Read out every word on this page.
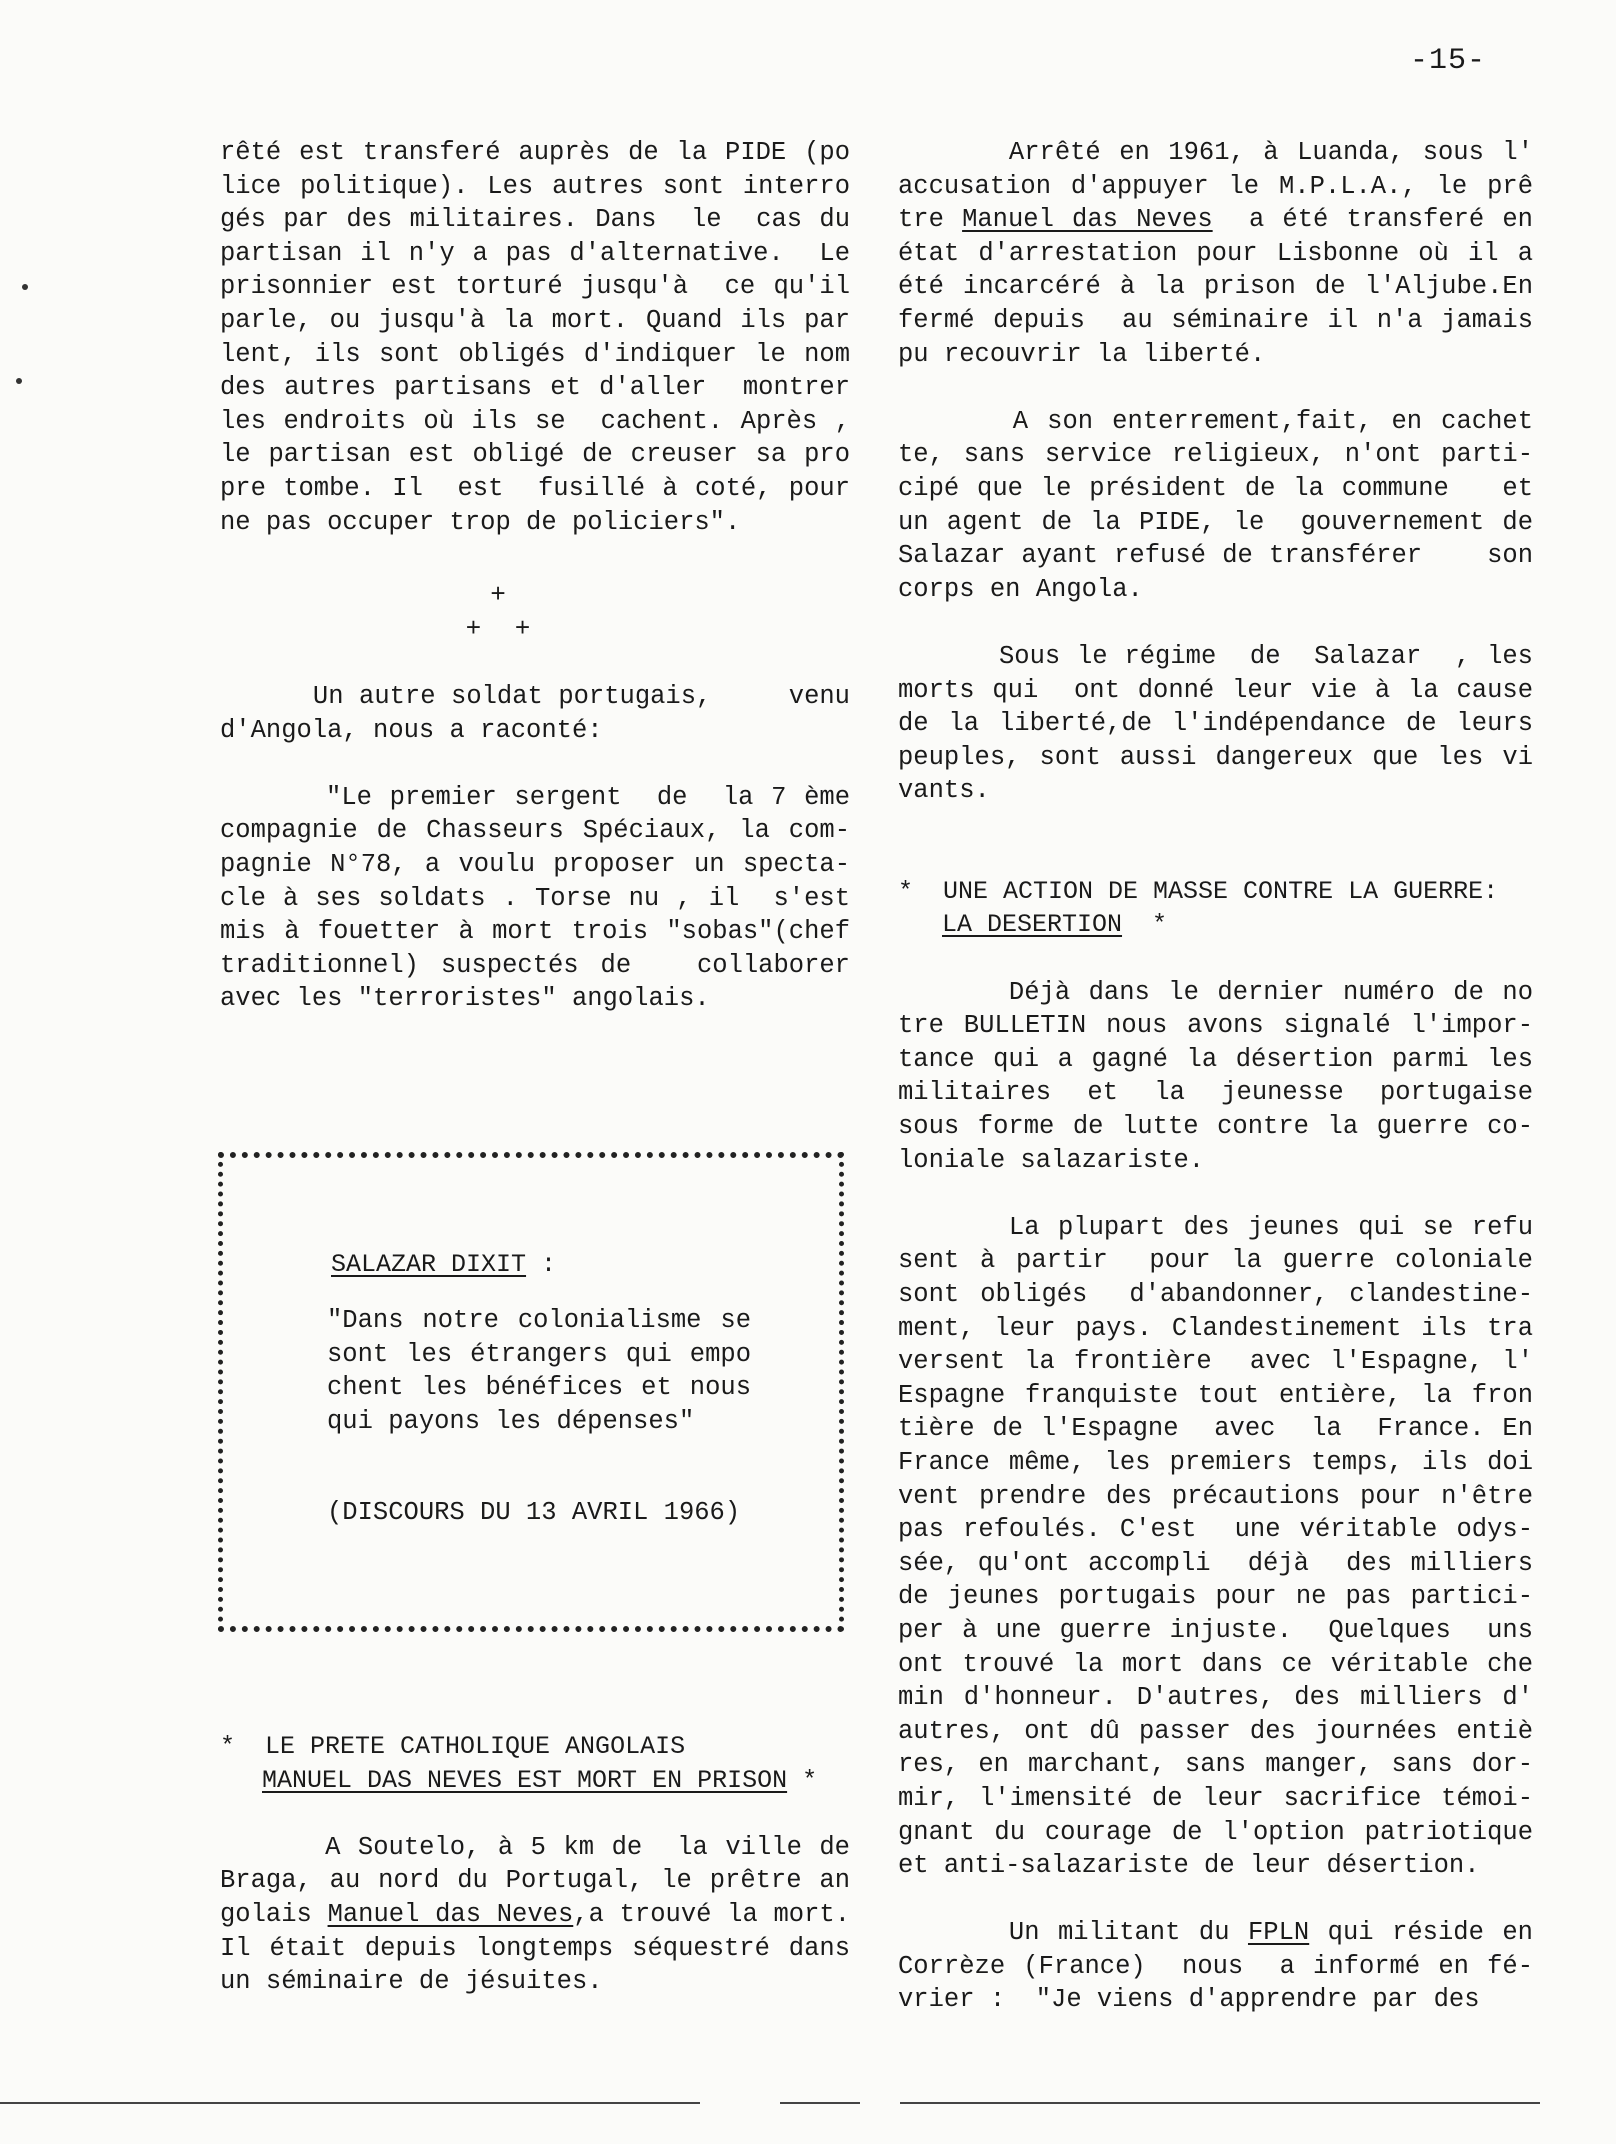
-15-

rêté est transferé auprès de la PIDE (po lice politique). Les autres sont interro gés par des militaires. Dans  le  cas du partisan il n'y a pas d'alternative.  Le prisonnier est torturé jusqu'à  ce qu'il parle, ou jusqu'à la mort. Quand ils par lent, ils sont obligés d'indiquer le nom des autres partisans et d'aller  montrer les endroits où ils se  cachent. Après , le partisan est obligé de creuser sa pro pre tombe. Il  est  fusillé à coté, pour ne pas occuper trop de policiers".

+
+ +

Un autre soldat portugais,     venu d'Angola, nous a raconté:

"Le premier sergent  de  la 7 ème compagnie de Chasseurs Spéciaux, la com- pagnie N°78, a voulu proposer un specta- cle à ses soldats . Torse nu , il  s'est mis à fouetter à mort trois "sobas"(chef traditionnel) suspectés de   collaborer avec les "terroristes" angolais.

SALAZAR DIXIT :

"Dans notre colonialisme se sont les étrangers qui empo chent les bénéfices et nous qui payons les dépenses"

(DISCOURS DU 13 AVRIL 1966)

*  LE PRETE CATHOLIQUE ANGOLAIS

MANUEL DAS NEVES EST MORT EN PRISON *

A Soutelo, à 5 km de  la ville de Braga, au nord du Portugal, le prêtre an golais Manuel das Neves,a trouvé la mort. Il était depuis longtemps séquestré dans un séminaire de jésuites.

Arrêté en 1961, à Luanda, sous l' accusation d'appuyer le M.P.L.A., le prê tre Manuel das Neves  a été transferé en état d'arrestation pour Lisbonne où il a été incarcéré à la prison de l'Aljube.En fermé depuis  au séminaire il n'a jamais pu recouvrir la liberté.

A son enterrement,fait, en cachet te, sans service religieux, n'ont parti- cipé que le président de la commune   et un agent de la PIDE, le  gouvernement de Salazar ayant refusé de transférer    son corps en Angola.

Sous le régime  de  Salazar  , les morts qui  ont donné leur vie à la cause de la liberté,de l'indépendance de leurs peuples, sont aussi dangereux que les vi vants.

*  UNE ACTION DE MASSE CONTRE LA GUERRE:

LA DESERTION  *

Déjà dans le dernier numéro de no tre BULLETIN nous avons signalé l'impor- tance qui a gagné la désertion parmi les militaires  et  la  jeunesse  portugaise sous forme de lutte contre la guerre co- loniale salazariste.

La plupart des jeunes qui se refu sent à partir  pour la guerre coloniale sont obligés  d'abandonner, clandestine- ment, leur pays. Clandestinement ils tra versent la frontière  avec l'Espagne, l' Espagne franquiste tout entière, la fron tière de l'Espagne  avec  la  France. En France même, les premiers temps, ils doi vent prendre des précautions pour n'être pas refoulés. C'est  une véritable odys- sée, qu'ont accompli  déjà  des milliers de jeunes portugais pour ne pas partici- per à une guerre injuste.  Quelques  uns ont trouvé la mort dans ce véritable che min d'honneur. D'autres, des milliers d' autres, ont dû passer des journées entiè res, en marchant, sans manger, sans dor- mir, l'imensité de leur sacrifice témoi- gnant du courage de l'option patriotique et anti-salazariste de leur désertion.

Un militant du FPLN qui réside en Corrèze (France)  nous  a informé en fé- vrier :  "Je viens d'apprendre par des
